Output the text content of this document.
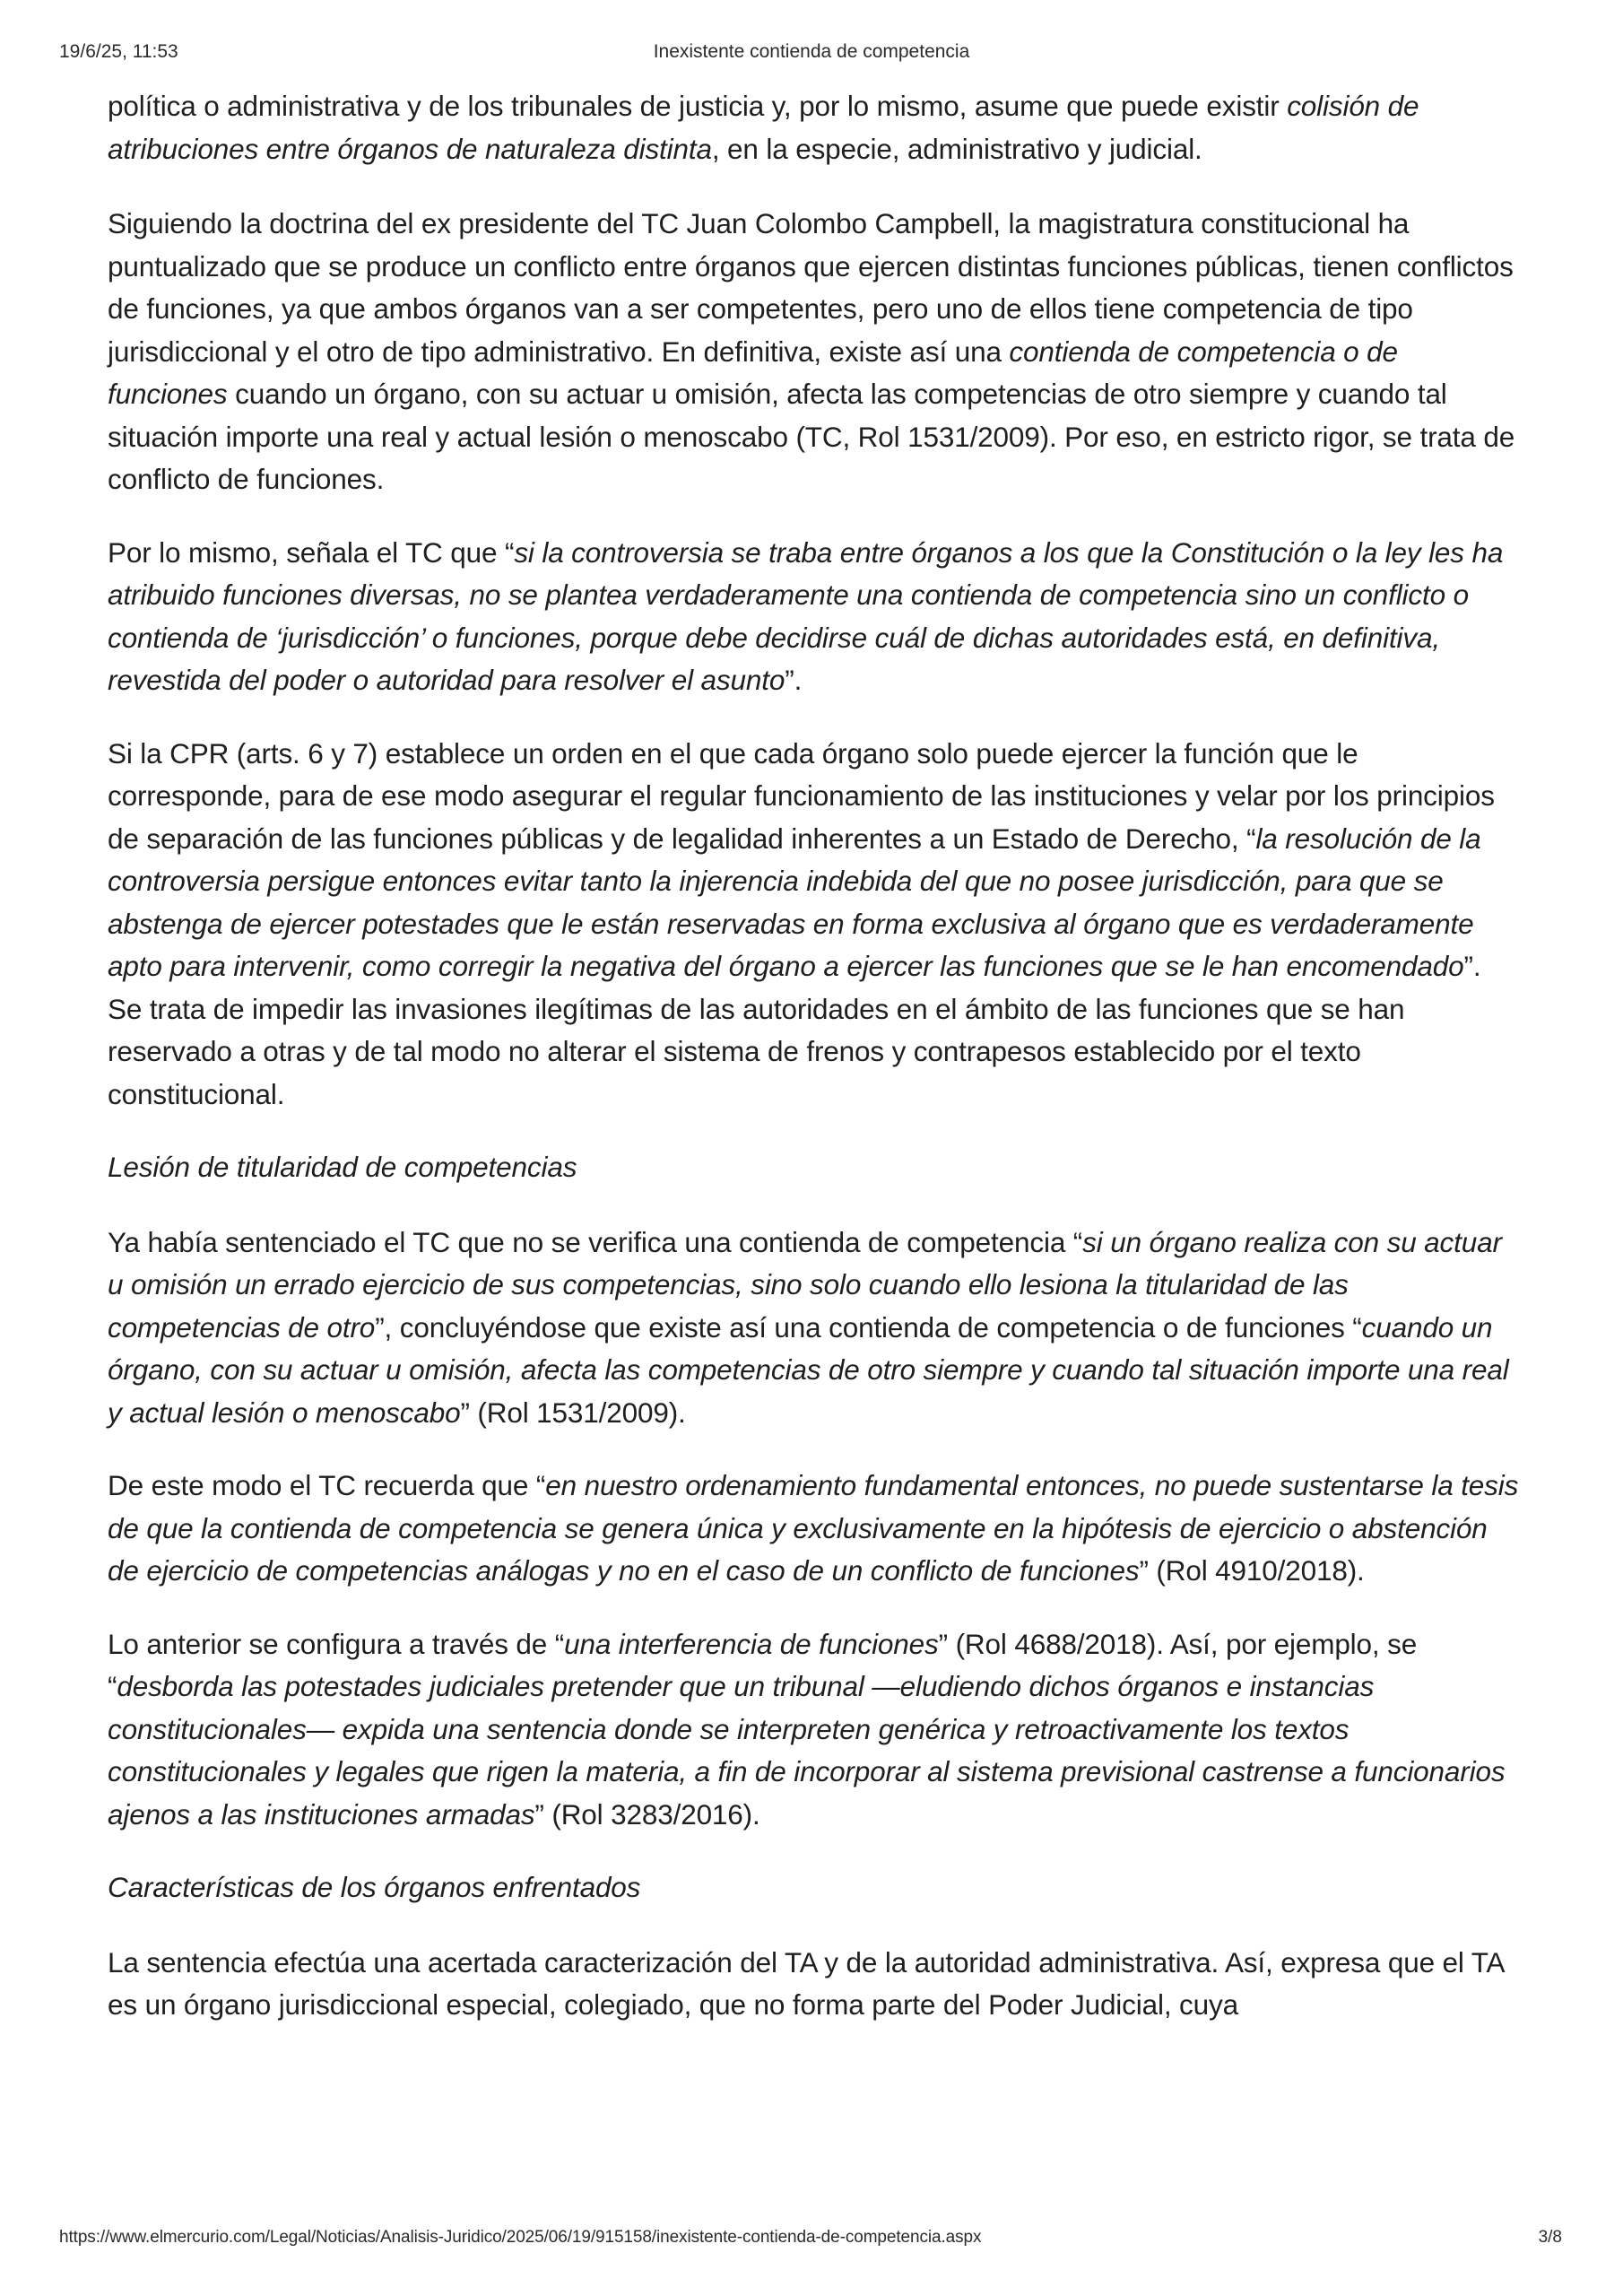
19/6/25, 11:53	Inexistente contienda de competencia

política o administrativa y de los tribunales de justicia y, por lo mismo, asume que puede existir colisión de atribuciones entre órganos de naturaleza distinta, en la especie, administrativo y judicial.

Siguiendo la doctrina del ex presidente del TC Juan Colombo Campbell, la magistratura constitucional ha puntualizado que se produce un conflicto entre órganos que ejercen distintas funciones públicas, tienen conflictos de funciones, ya que ambos órganos van a ser competentes, pero uno de ellos tiene competencia de tipo jurisdiccional y el otro de tipo administrativo. En definitiva, existe así una contienda de competencia o de funciones cuando un órgano, con su actuar u omisión, afecta las competencias de otro siempre y cuando tal situación importe una real y actual lesión o menoscabo (TC, Rol 1531/2009). Por eso, en estricto rigor, se trata de conflicto de funciones.

Por lo mismo, señala el TC que “si la controversia se traba entre órganos a los que la Constitución o la ley les ha atribuido funciones diversas, no se plantea verdaderamente una contienda de competencia sino un conflicto o contienda de ‘jurisdicción’ o funciones, porque debe decidirse cuál de dichas autoridades está, en definitiva, revestida del poder o autoridad para resolver el asunto”.

Si la CPR (arts. 6 y 7) establece un orden en el que cada órgano solo puede ejercer la función que le corresponde, para de ese modo asegurar el regular funcionamiento de las instituciones y velar por los principios de separación de las funciones públicas y de legalidad inherentes a un Estado de Derecho, “la resolución de la controversia persigue entonces evitar tanto la injerencia indebida del que no posee jurisdicción, para que se abstenga de ejercer potestades que le están reservadas en forma exclusiva al órgano que es verdaderamente apto para intervenir, como corregir la negativa del órgano a ejercer las funciones que se le han encomendado”. Se trata de impedir las invasiones ilegítimas de las autoridades en el ámbito de las funciones que se han reservado a otras y de tal modo no alterar el sistema de frenos y contrapesos establecido por el texto constitucional.

Lesión de titularidad de competencias

Ya había sentenciado el TC que no se verifica una contienda de competencia “si un órgano realiza con su actuar u omisión un errado ejercicio de sus competencias, sino solo cuando ello lesiona la titularidad de las competencias de otro”, concluyéndose que existe así una contienda de competencia o de funciones “cuando un órgano, con su actuar u omisión, afecta las competencias de otro siempre y cuando tal situación importe una real y actual lesión o menoscabo” (Rol 1531/2009).

De este modo el TC recuerda que “en nuestro ordenamiento fundamental entonces, no puede sustentarse la tesis de que la contienda de competencia se genera única y exclusivamente en la hipótesis de ejercicio o abstención de ejercicio de competencias análogas y no en el caso de un conflicto de funciones” (Rol 4910/2018).

Lo anterior se configura a través de “una interferencia de funciones” (Rol 4688/2018). Así, por ejemplo, se “desborda las potestades judiciales pretender que un tribunal —eludiendo dichos órganos e instancias constitucionales— expida una sentencia donde se interpreten genérica y retroactivamente los textos constitucionales y legales que rigen la materia, a fin de incorporar al sistema previsional castrense a funcionarios ajenos a las instituciones armadas” (Rol 3283/2016).

Características de los órganos enfrentados

La sentencia efectúa una acertada caracterización del TA y de la autoridad administrativa. Así, expresa que el TA es un órgano jurisdiccional especial, colegiado, que no forma parte del Poder Judicial, cuya

https://www.elmercurio.com/Legal/Noticias/Analisis-Juridico/2025/06/19/915158/inexistente-contienda-de-competencia.aspx	3/8
